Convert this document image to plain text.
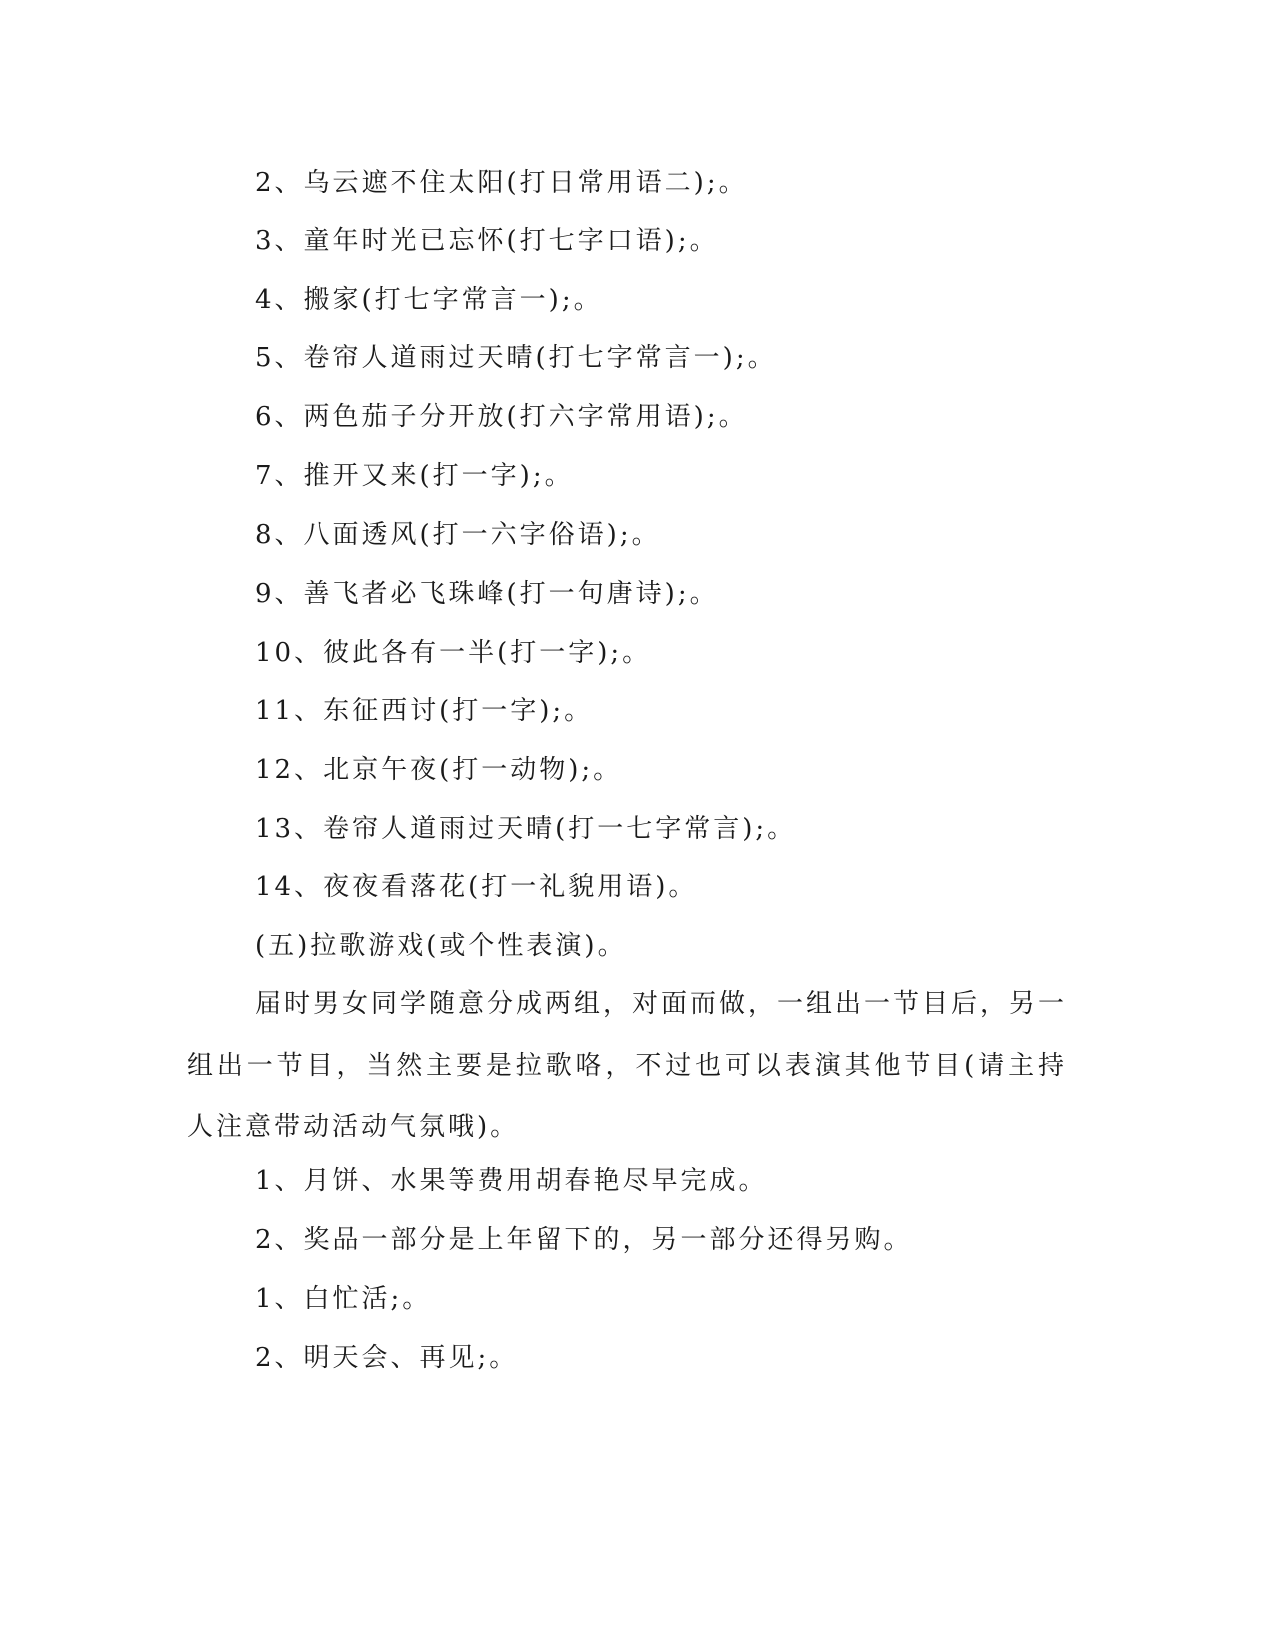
2、乌云遮不住太阳(打日常用语二);。
3、童年时光已忘怀(打七字口语);。
4、搬家(打七字常言一);。
5、卷帘人道雨过天晴(打七字常言一);。
6、两色茄子分开放(打六字常用语);。
7、推开又来(打一字);。
8、八面透风(打一六字俗语);。
9、善飞者必飞珠峰(打一句唐诗);。
10、彼此各有一半(打一字);。
11、东征西讨(打一字);。
12、北京午夜(打一动物);。
13、卷帘人道雨过天晴(打一七字常言);。
14、夜夜看落花(打一礼貌用语)。
(五)拉歌游戏(或个性表演)。
届时男女同学随意分成两组，对面而做，一组出一节目后，另一组出一节目，当然主要是拉歌咯，不过也可以表演其他节目(请主持人注意带动活动气氛哦)。
1、月饼、水果等费用胡春艳尽早完成。
2、奖品一部分是上年留下的，另一部分还得另购。
1、白忙活;。
2、明天会、再见;。
